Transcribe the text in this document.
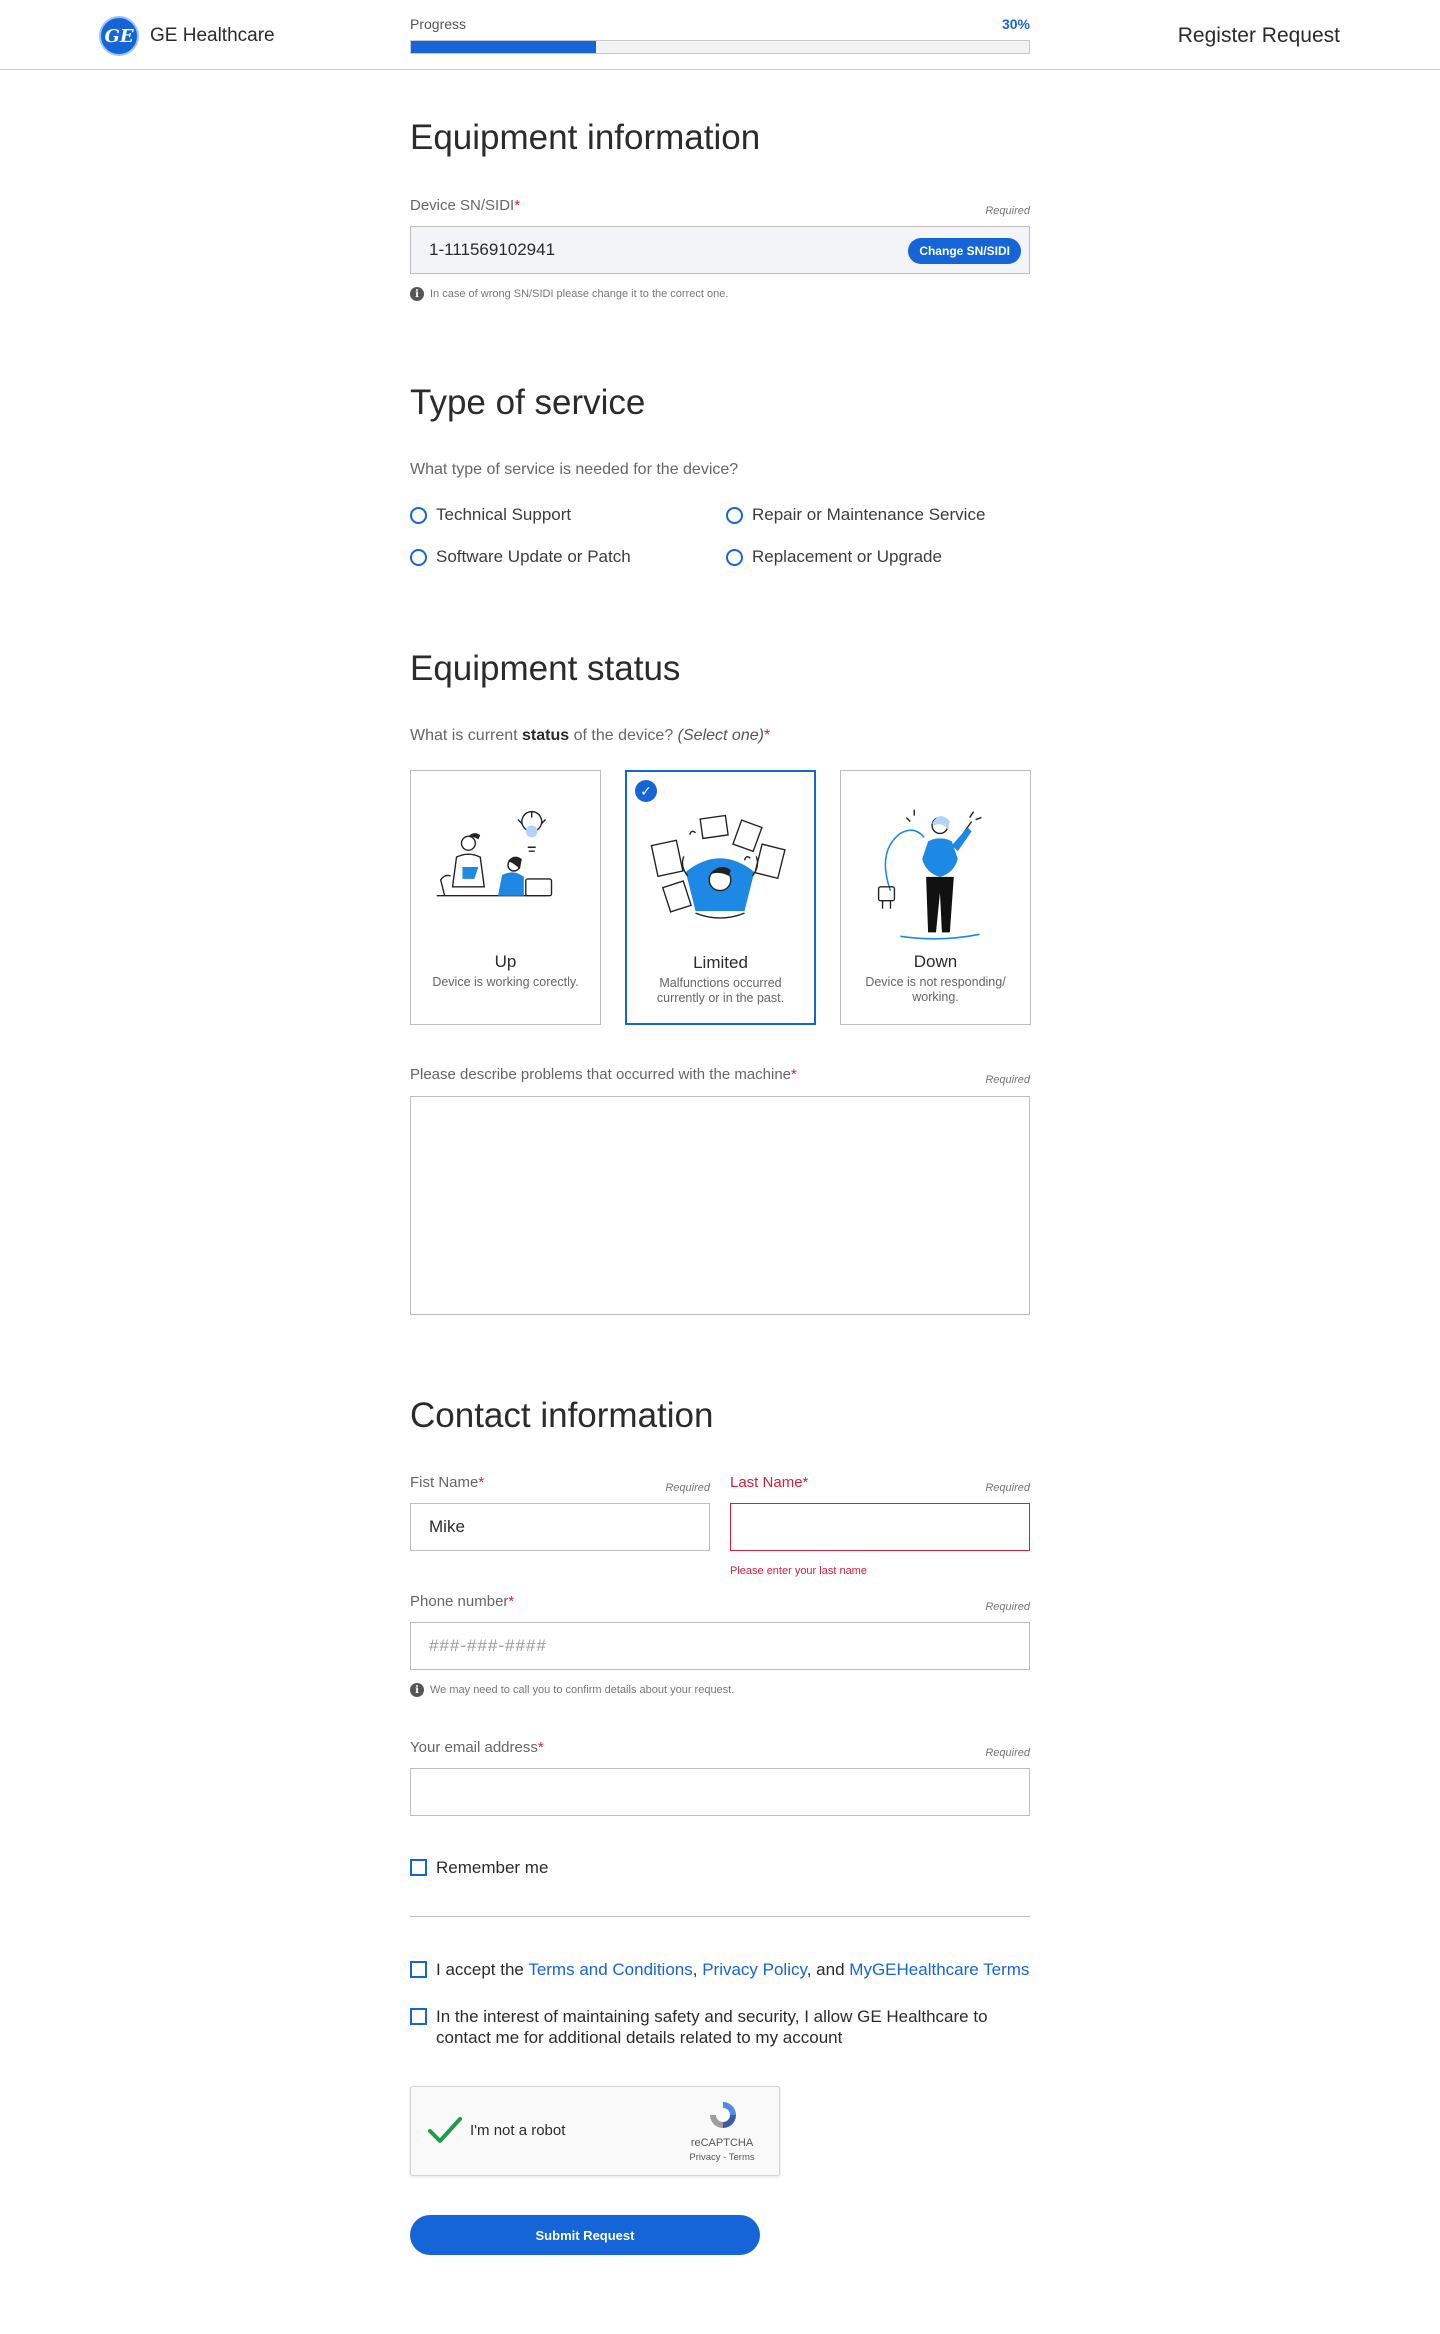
GE GE Healthcare
Progress	30%	Register Request
Equipment information
Device SN/SIDI*	Required
1-111569102941	Change SN/SIDI
i	In case of wrong SN/SIDI please change it to the correct one.
Type of service
What type of service is needed for the device?
Technical Support	Repair or Maintenance Service
Software Update or Patch	Replacement or Upgrade
Equipment status
What is current status of the device? (Select one)*
Up
Device is working corectly.
✓
Limited
Malfunctions occurred currently or in the past.
Down
Device is not responding/ working.
Please describe problems that occurred with the machine*	Required
Contact information
Fist Name*	Required
Mike
Last Name*	Required
Please enter your last name
Phone number*	Required
###-###-####
i	We may need to call you to confirm details about your request.
Your email address*	Required
Remember me
I accept the Terms and Conditions, Privacy Policy, and MyGEHealthcare Terms
In the interest of maintaining safety and security, I allow GE Healthcare to contact me for additional details related to my account
I'm not a robot
reCAPTCHA
Privacy - Terms
Submit Request
